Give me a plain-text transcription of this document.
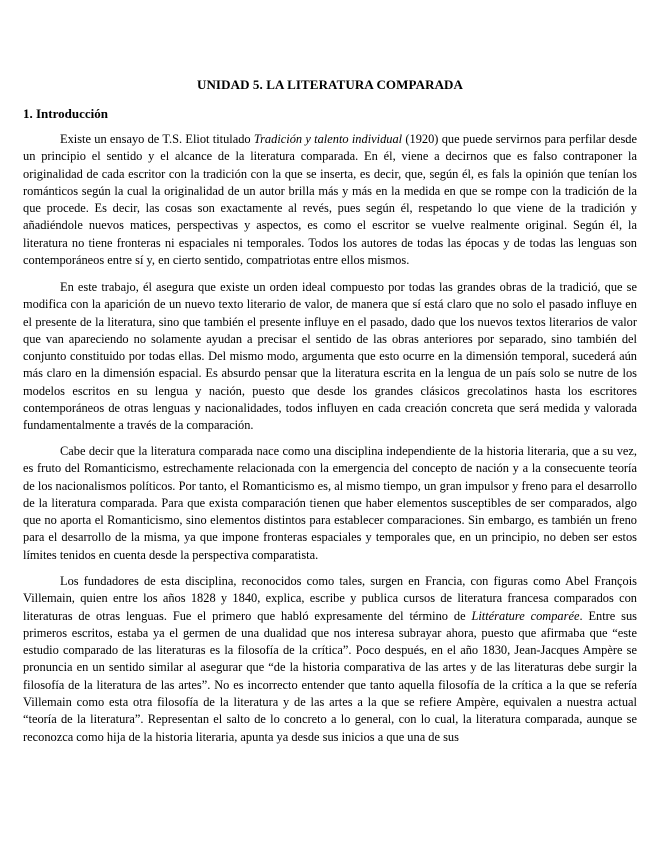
UNIDAD 5. LA LITERATURA COMPARADA
1. Introducción

Existe un ensayo de T.S. Eliot titulado Tradición y talento individual (1920) que puede servirnos para perfilar desde un principio el sentido y el alcance de la literatura comparada. En él, viene a decirnos que es falso contraponer la originalidad de cada escritor con la tradición con la que se inserta, es decir, que, según él, es fals la opinión que tenían los románticos según la cual la originalidad de un autor brilla más y más en la medida en que se rompe con la tradición de la que procede. Es decir, las cosas son exactamente al revés, pues según él, respetando lo que viene de la tradición y añadiéndole nuevos matices, perspectivas y aspectos, es como el escritor se vuelve realmente original. Según él, la literatura no tiene fronteras ni espaciales ni temporales. Todos los autores de todas las épocas y de todas las lenguas son contemporáneos entre sí y, en cierto sentido, compatriotas entre ellos mismos.

En este trabajo, él asegura que existe un orden ideal compuesto por todas las grandes obras de la tradició, que se modifica con la aparición de un nuevo texto literario de valor, de manera que sí está claro que no solo el pasado influye en el presente de la literatura, sino que también el presente influye en el pasado, dado que los nuevos textos literarios de valor que van apareciendo no solamente ayudan a precisar el sentido de las obras anteriores por separado, sino también del conjunto constituido por todas ellas. Del mismo modo, argumenta que esto ocurre en la dimensión temporal, sucederá aún más claro en la dimensión espacial. Es absurdo pensar que la literatura escrita en la lengua de un país solo se nutre de los modelos escritos en su lengua y nación, puesto que desde los grandes clásicos grecolatinos hasta los escritores contemporáneos de otras lenguas y nacionalidades, todos influyen en cada creación concreta que será medida y valorada fundamentalmente a través de la comparación.

Cabe decir que la literatura comparada nace como una disciplina independiente de la historia literaria, que a su vez, es fruto del Romanticismo, estrechamente relacionada con la emergencia del concepto de nación y a la consecuente teoría de los nacionalismos políticos. Por tanto, el Romanticismo es, al mismo tiempo, un gran impulsor y freno para el desarrollo de la literatura comparada. Para que exista comparación tienen que haber elementos susceptibles de ser comparados, algo que no aporta el Romanticismo, sino elementos distintos para establecer comparaciones. Sin embargo, es también un freno para el desarrollo de la misma, ya que impone fronteras espaciales y temporales que, en un principio, no deben ser estos límites tenidos en cuenta desde la perspectiva comparatista.

Los fundadores de esta disciplina, reconocidos como tales, surgen en Francia, con figuras como Abel François Villemain, quien entre los años 1828 y 1840, explica, escribe y publica cursos de literatura francesa comparados con literaturas de otras lenguas. Fue el primero que habló expresamente del término de Littérature comparée. Entre sus primeros escritos, estaba ya el germen de una dualidad que nos interesa subrayar ahora, puesto que afirmaba que “este estudio comparado de las literaturas es la filosofía de la crítica”. Poco después, en el año 1830, Jean-Jacques Ampère se pronuncia en un sentido similar al asegurar que “de la historia comparativa de las artes y de las literaturas debe surgir la filosofía de la literatura de las artes”. No es incorrecto entender que tanto aquella filosofía de la crítica a la que se refería Villemain como esta otra filosofía de la literatura y de las artes a la que se refiere Ampère, equivalen a nuestra actual “teoría de la literatura”. Representan el salto de lo concreto a lo general, con lo cual, la literatura comparada, aunque se reconozca como hija de la historia literaria, apunta ya desde sus inicios a que una de sus
